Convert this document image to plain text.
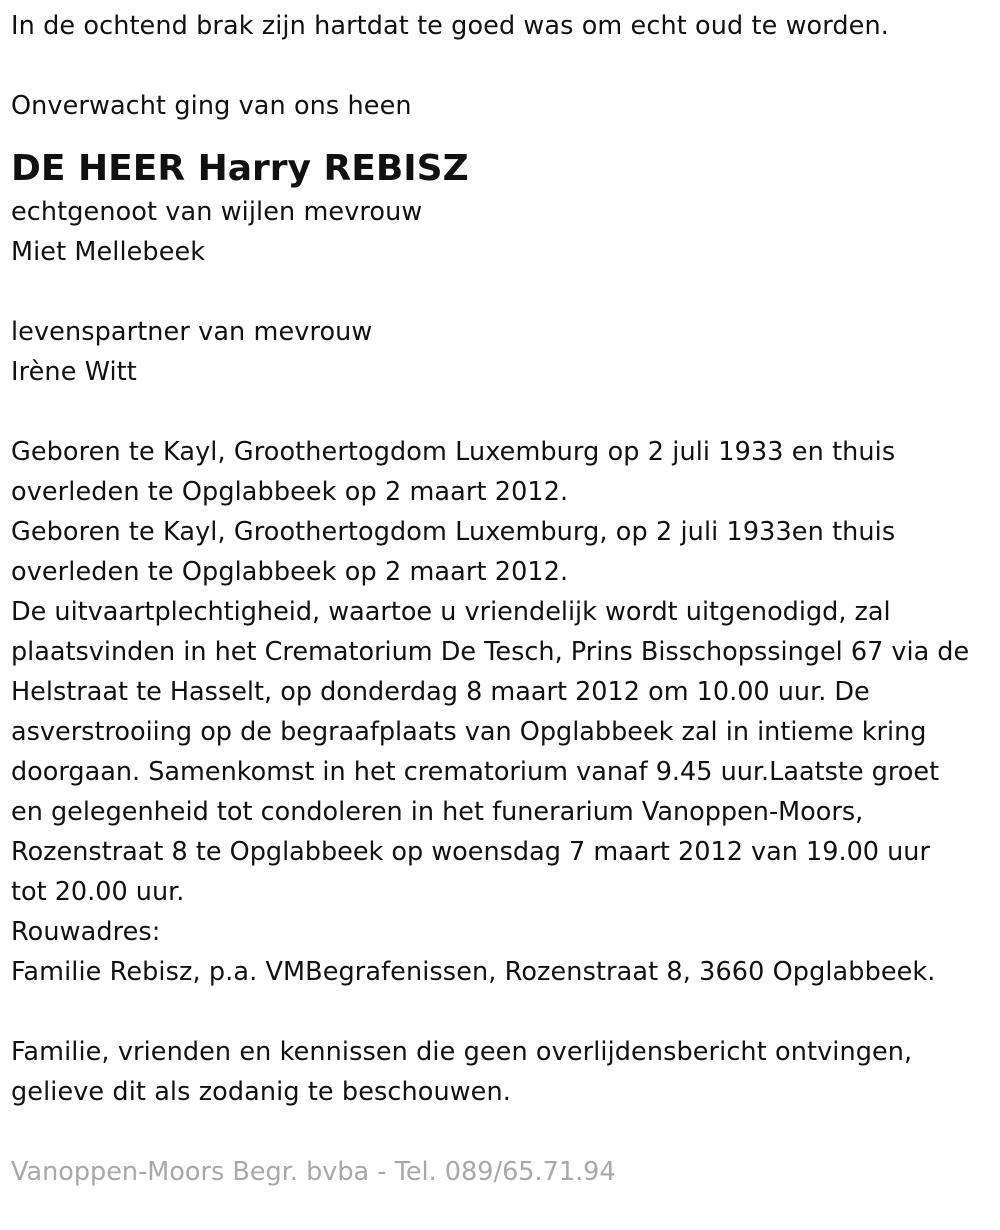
In de ochtend brak zijn hartdat te goed was om echt oud te worden.
Onverwacht ging van ons heen
DE HEER Harry REBISZ
echtgenoot van wijlen mevrouw
Miet Mellebeek
levenspartner van mevrouw
Irène Witt
Geboren te Kayl, Groothertogdom Luxemburg op 2 juli 1933 en thuis
overleden te Opglabbeek op 2 maart 2012.
Geboren te Kayl, Groothertogdom Luxemburg, op 2 juli 1933en thuis
overleden te Opglabbeek op 2 maart 2012.
De uitvaartplechtigheid, waartoe u vriendelijk wordt uitgenodigd, zal plaatsvinden in het Crematorium De Tesch, Prins Bisschopssingel 67 via de Helstraat te Hasselt, op donderdag 8 maart 2012 om 10.00 uur. De asverstrooiing op de begraafplaats van Opglabbeek zal in intieme kring doorgaan. Samenkomst in het crematorium vanaf 9.45 uur.Laatste groet en gelegenheid tot condoleren in het funerarium Vanoppen-Moors, Rozenstraat 8 te Opglabbeek op woensdag 7 maart 2012 van 19.00 uur tot 20.00 uur.
Rouwadres:
Familie Rebisz, p.a. VMBegrafenissen, Rozenstraat 8, 3660 Opglabbeek.
Familie, vrienden en kennissen die geen overlijdensbericht ontvingen,
gelieve dit als zodanig te beschouwen.
Vanoppen-Moors Begr. bvba - Tel. 089/65.71.94
